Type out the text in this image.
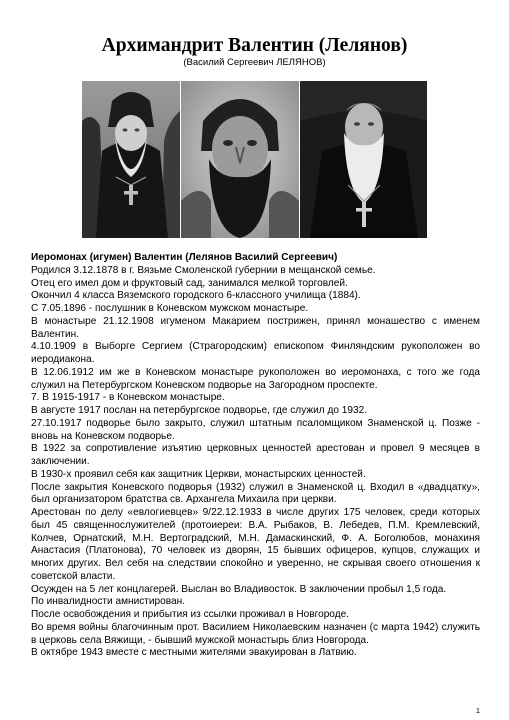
Архимандрит Валентин (Лелянов)
(Василий Сергеевич ЛЕЛЯНОВ)

Иеромонах (игумен) Валентин (Лелянов Василий Сергеевич)

Родился 3.12.1878 в г. Вязьме Смоленской губернии в мещанской семье.

Отец его имел дом и фруктовый сад, занимался мелкой торговлей.

Окончил 4 класса Вяземского городского 6-классного училища (1884).

С 7.05.1896 - послушник в Коневском мужском монастыре.

В монастыре 21.12.1908 игуменом Макарием пострижен, принял монашество с именем Валентин.

4.10.1909 в Выборге Сергием (Страгородским) епископом Финляндским рукоположен во иеродиакона.

В 12.06.1912 им же в Коневском монастыре рукоположен во иеромонаха, с того же года служил на Петербургском Коневском подворье на Загородном проспекте.

7. В 1915-1917 - в Коневском монастыре.

В августе 1917 послан на петербургское подворье, где служил до 1932.

27.10.1917 подворье было закрыто, служил штатным псаломщиком Знаменской ц. Позже - вновь на Коневском подворье.

В 1922 за сопротивление изъятию церковных ценностей арестован и провел 9 месяцев в заключении.

В 1930-х проявил себя как защитник Церкви, монастырских ценностей.

После закрытия Коневского подворья (1932) служил в Знаменской ц. Входил в «двадцатку», был организатором братства св. Архангела Михаила при церкви.

Арестован по делу «евлогиевцев» 9/22.12.1933 в числе других 175 человек, среди которых был 45 священнослужителей (протоиереи: В.А. Рыбаков, В. Лебедев, П.М. Кремлевский, Колчев, Орнатский, М.Н. Вертоградский, М.Н. Дамаскинский, Ф. А. Боголюбов, монахиня Анастасия (Платонова), 70 человек из дворян, 15 бывших офицеров, купцов, служащих и многих других. Вел себя на следствии спокойно и уверенно, не скрывая своего отношения к советской власти.

Осужден на 5 лет концлагерей. Выслан во Владивосток. В заключении пробыл 1,5 года.

По инвалидности амнистирован.

После освобождения и прибытия из ссылки проживал в Новгороде.

Во время войны благочинным прот. Василием Николаевским назначен (с марта 1942) служить в церковь села Вяжищи, - бывший мужской монастырь близ Новгорода.

В октябре 1943 вместе с местными жителями эвакуирован в Латвию.

1
